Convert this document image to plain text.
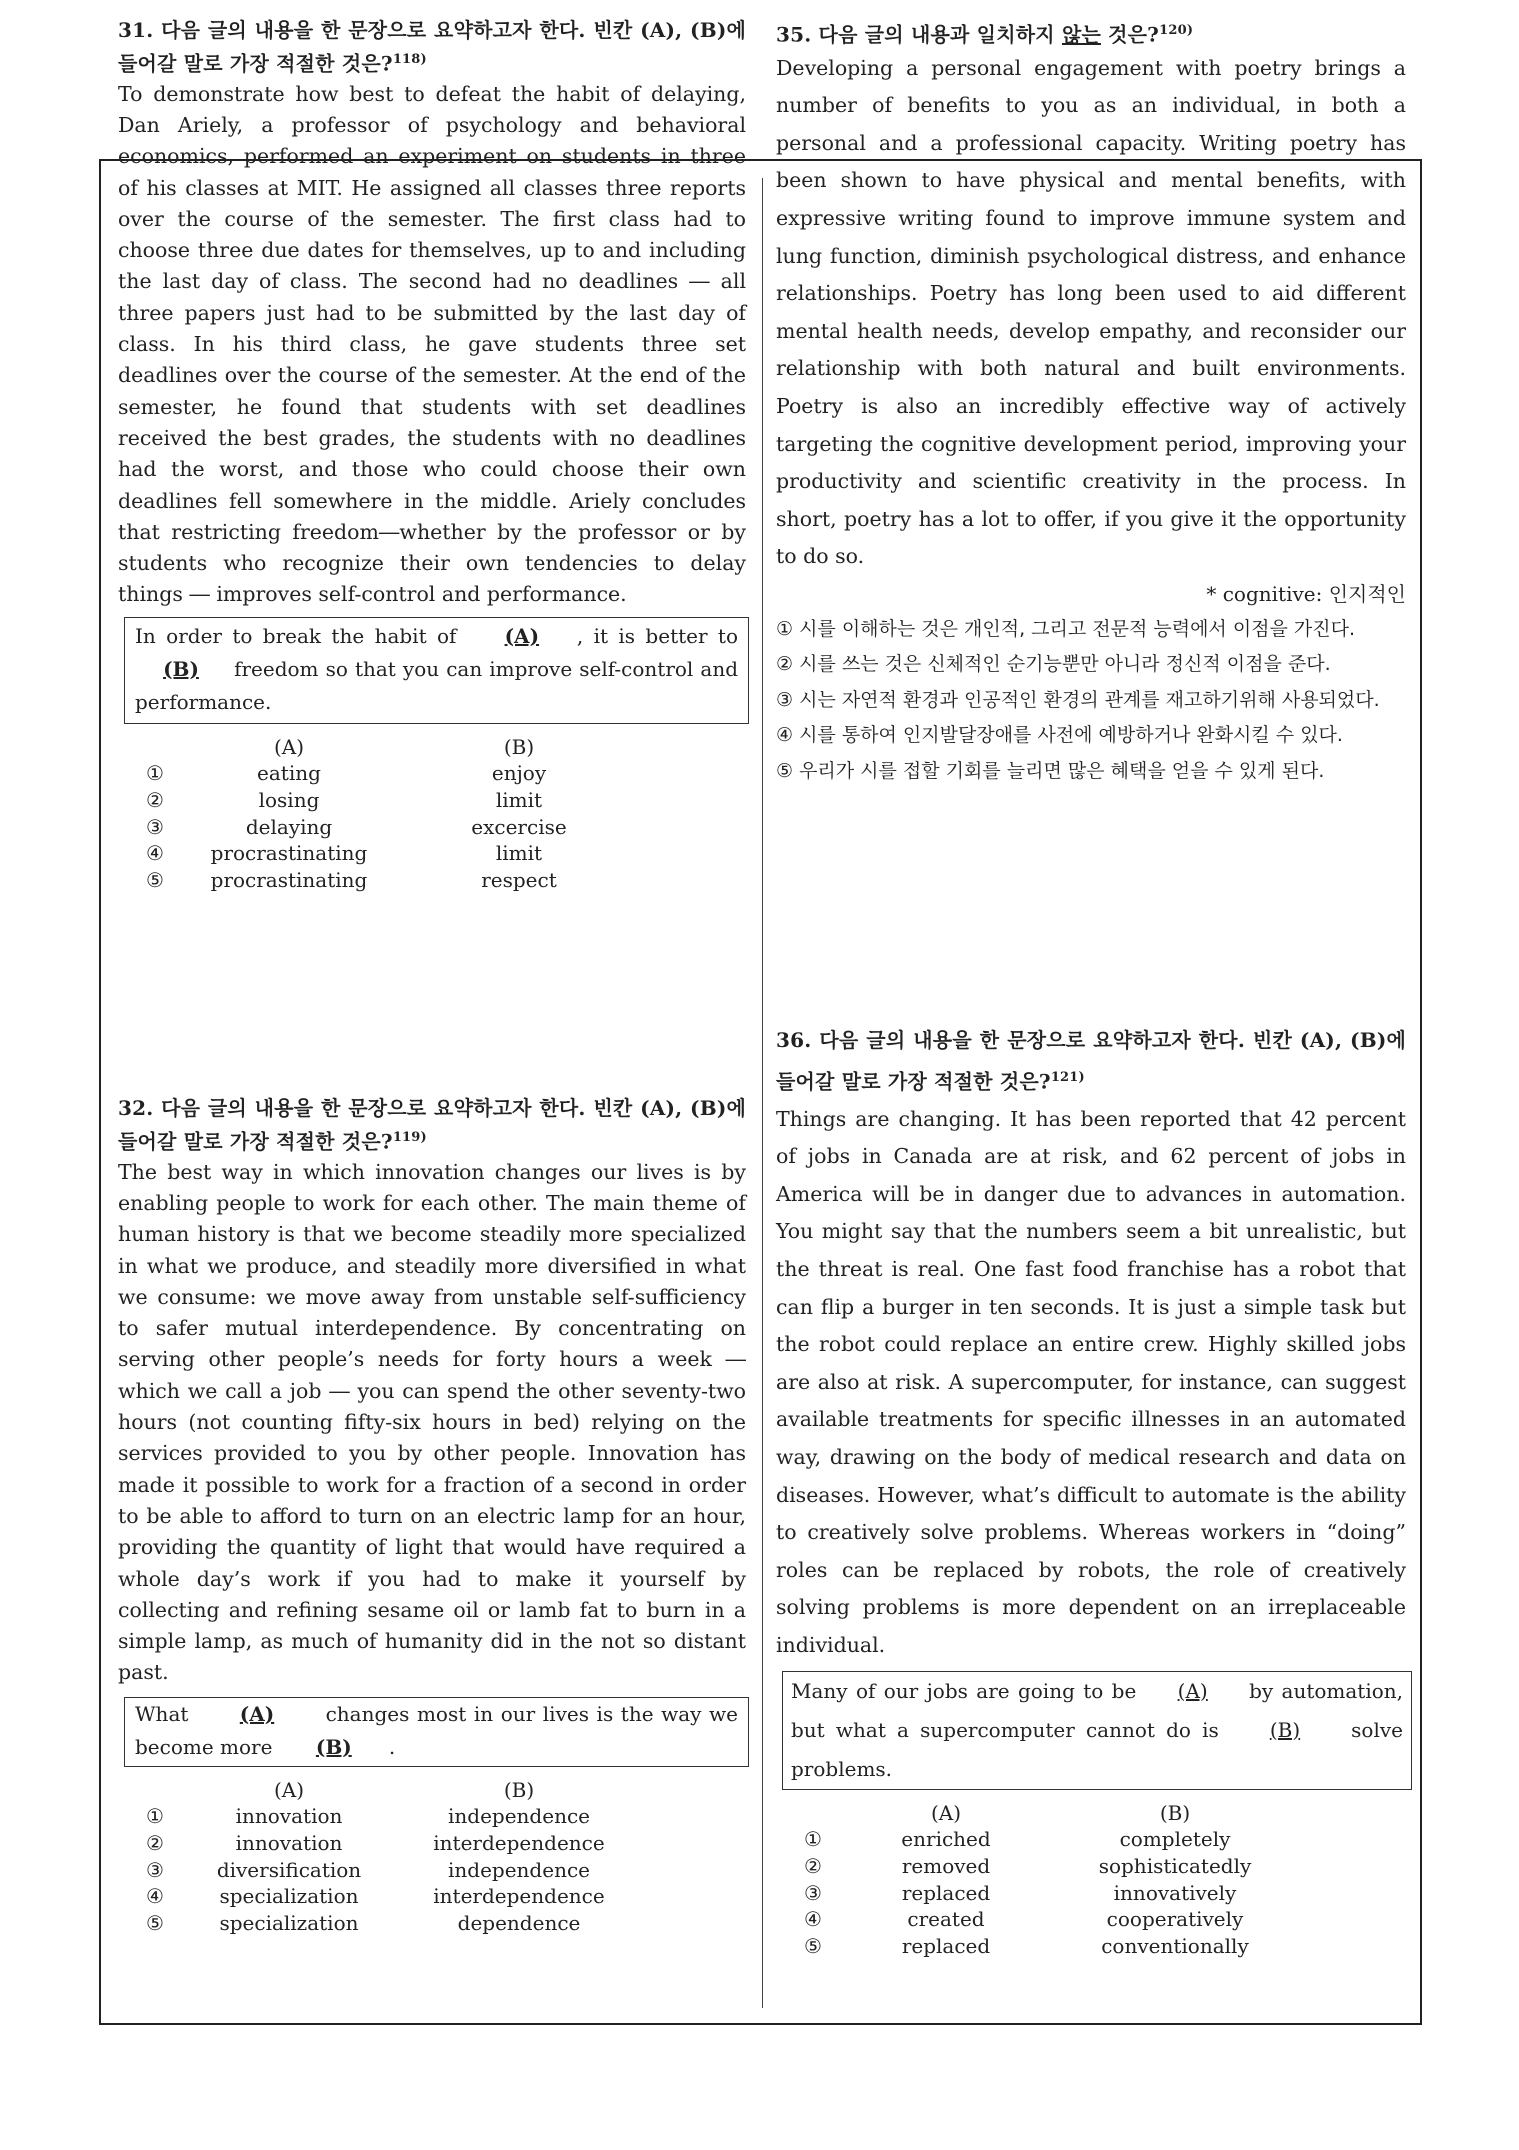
31. 다음 글의 내용을 한 문장으로 요약하고자 한다. 빈칸 (A), (B)에 들어갈 말로 가장 적절한 것은?$^{118)}$

To demonstrate how best to defeat the habit of delaying, Dan Ariely, a professor of psychology and behavioral economics, performed an experiment on students in three of his classes at MIT. He assigned all classes three reports over the course of the semester. The first class had to choose three due dates for themselves, up to and including the last day of class. The second had no deadlines ― all three papers just had to be submitted by the last day of class. In his third class, he gave students three set deadlines over the course of the semester. At the end of the semester, he found that students with set deadlines received the best grades, the students with no deadlines had the worst, and those who could choose their own deadlines fell somewhere in the middle. Ariely concludes that restricting freedom―whether by the professor or by students who recognize their own tendencies to delay things ― improves self-control and performance.

In order to break the habit of (A) , it is better to (B) freedom so that you can improve self-control and performance.
(A)	(B)
①	eating	enjoy
②	losing	limit
③	delaying	excercise
④	procrastinating	limit
⑤	procrastinating	respect

32. 다음 글의 내용을 한 문장으로 요약하고자 한다. 빈칸 (A), (B)에 들어갈 말로 가장 적절한 것은?$^{119)}$

The best way in which innovation changes our lives is by enabling people to work for each other. The main theme of human history is that we become steadily more specialized in what we produce, and steadily more diversified in what we consume: we move away from unstable self-sufficiency to safer mutual interdependence. By concentrating on serving other people’s needs for forty hours a week ― which we call a job ― you can spend the other seventy-two hours (not counting fifty-six hours in bed) relying on the services provided to you by other people. Innovation has made it possible to work for a fraction of a second in order to be able to afford to turn on an electric lamp for an hour, providing the quantity of light that would have required a whole day’s work if you had to make it yourself by collecting and refining sesame oil or lamb fat to burn in a simple lamp, as much of humanity did in the not so distant past.

What	(A)	changes most in our lives is the way we become more (B) .
(A)	(B)
①	innovation	independence
②	innovation	interdependence
③	diversification	independence
④	specialization	interdependence
⑤	specialization	dependence

35. 다음 글의 내용과 일치하지 않는 것은?$^{120)}$

Developing a personal engagement with poetry brings a number of benefits to you as an individual, in both a personal and a professional capacity. Writing poetry has been shown to have physical and mental benefits, with expressive writing found to improve immune system and lung function, diminish psychological distress, and enhance relationships. Poetry has long been used to aid different mental health needs, develop empathy, and reconsider our relationship with both natural and built environments. Poetry is also an incredibly effective way of actively targeting the cognitive development period, improving your productivity and scientific creativity in the process. In short, poetry has a lot to offer, if you give it the opportunity to do so.

* cognitive: 인지적인

① 시를 이해하는 것은 개인적, 그리고 전문적 능력에서 이점을 가진다.

② 시를 쓰는 것은 신체적인 순기능뿐만 아니라 정신적 이점을 준다.

③ 시는 자연적 환경과 인공적인 환경의 관계를 재고하기위해 사용되었다.

④ 시를 통하여 인지발달장애를 사전에 예방하거나 완화시킬 수 있다.

⑤ 우리가 시를 접할 기회를 늘리면 많은 혜택을 얻을 수 있게 된다.

36. 다음 글의 내용을 한 문장으로 요약하고자 한다. 빈칸 (A), (B)에 들어갈 말로 가장 적절한 것은?$^{121)}$

Things are changing. It has been reported that 42 percent of jobs in Canada are at risk, and 62 percent of jobs in America will be in danger due to advances in automation. You might say that the numbers seem a bit unrealistic, but the threat is real. One fast food franchise has a robot that can flip a burger in ten seconds. It is just a simple task but the robot could replace an entire crew. Highly skilled jobs are also at risk. A supercomputer, for instance, can suggest available treatments for specific illnesses in an automated way, drawing on the body of medical research and data on diseases. However, what’s difficult to automate is the ability to creatively solve problems. Whereas workers in “doing” roles can be replaced by robots, the role of creatively solving problems is more dependent on an irreplaceable individual.

Many of our jobs are going to be (A) by automation, but what a supercomputer cannot do is	(B)	solve problems.
(A)	(B)
①	enriched	completely
②	removed	sophisticatedly
③	replaced	innovatively
④	created	cooperatively
⑤	replaced	conventionally
